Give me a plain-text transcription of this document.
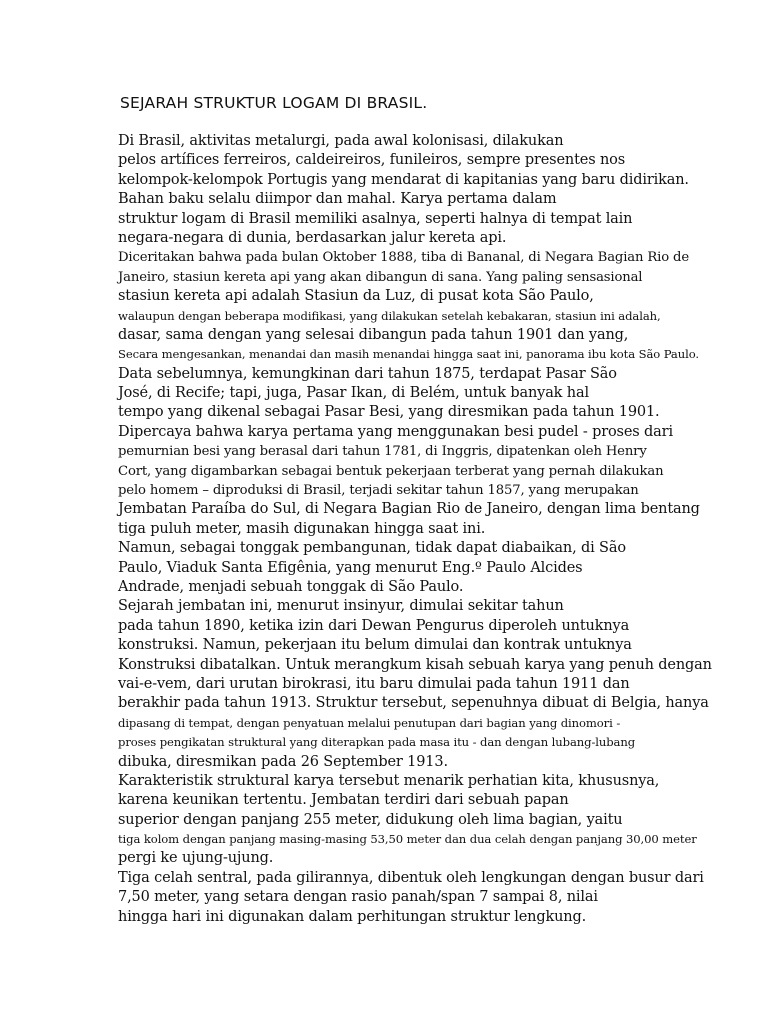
SEJARAH STRUKTUR LOGAM DI BRASIL.
Di Brasil, aktivitas metalurgi, pada awal kolonisasi, dilakukan
pelos artífices ferreiros, caldeireiros, funileiros, sempre presentes nos
kelompok-kelompok Portugis yang mendarat di kapitanias yang baru didirikan.
Bahan baku selalu diimpor dan mahal. Karya pertama dalam
struktur logam di Brasil memiliki asalnya, seperti halnya di tempat lain
negara-negara di dunia, berdasarkan jalur kereta api.
Diceritakan bahwa pada bulan Oktober 1888, tiba di Bananal, di Negara Bagian Rio de
Janeiro, stasiun kereta api yang akan dibangun di sana. Yang paling sensasional
stasiun kereta api adalah Stasiun da Luz, di pusat kota São Paulo,
walaupun dengan beberapa modifikasi, yang dilakukan setelah kebakaran, stasiun ini adalah,
dasar, sama dengan yang selesai dibangun pada tahun 1901 dan yang,
Secara mengesankan, menandai dan masih menandai hingga saat ini, panorama ibu kota São Paulo.
Data sebelumnya, kemungkinan dari tahun 1875, terdapat Pasar São
José, di Recife; tapi, juga, Pasar Ikan, di Belém, untuk banyak hal
tempo yang dikenal sebagai Pasar Besi, yang diresmikan pada tahun 1901.
Dipercaya bahwa karya pertama yang menggunakan besi pudel - proses dari
pemurnian besi yang berasal dari tahun 1781, di Inggris, dipatenkan oleh Henry
Cort, yang digambarkan sebagai bentuk pekerjaan terberat yang pernah dilakukan
pelo homem – diproduksi di Brasil, terjadi sekitar tahun 1857, yang merupakan
Jembatan Paraíba do Sul, di Negara Bagian Rio de Janeiro, dengan lima bentang
tiga puluh meter, masih digunakan hingga saat ini.
Namun, sebagai tonggak pembangunan, tidak dapat diabaikan, di São
Paulo, Viaduk Santa Efigênia, yang menurut Eng.º Paulo Alcides
Andrade, menjadi sebuah tonggak di São Paulo.
Sejarah jembatan ini, menurut insinyur, dimulai sekitar tahun
pada tahun 1890, ketika izin dari Dewan Pengurus diperoleh untuknya
konstruksi. Namun, pekerjaan itu belum dimulai dan kontrak untuknya
Konstruksi dibatalkan. Untuk merangkum kisah sebuah karya yang penuh dengan
vai-e-vem, dari urutan birokrasi, itu baru dimulai pada tahun 1911 dan
berakhir pada tahun 1913. Struktur tersebut, sepenuhnya dibuat di Belgia, hanya
dipasang di tempat, dengan penyatuan melalui penutupan dari bagian yang dinomori -
proses pengikatan struktural yang diterapkan pada masa itu - dan dengan lubang-lubang
dibuka, diresmikan pada 26 September 1913.
Karakteristik struktural karya tersebut menarik perhatian kita, khususnya,
karena keunikan tertentu. Jembatan terdiri dari sebuah papan
superior dengan panjang 255 meter, didukung oleh lima bagian, yaitu
tiga kolom dengan panjang masing-masing 53,50 meter dan dua celah dengan panjang 30,00 meter
pergi ke ujung-ujung.
Tiga celah sentral, pada gilirannya, dibentuk oleh lengkungan dengan busur dari
7,50 meter, yang setara dengan rasio panah/span 7 sampai 8, nilai
hingga hari ini digunakan dalam perhitungan struktur lengkung.
